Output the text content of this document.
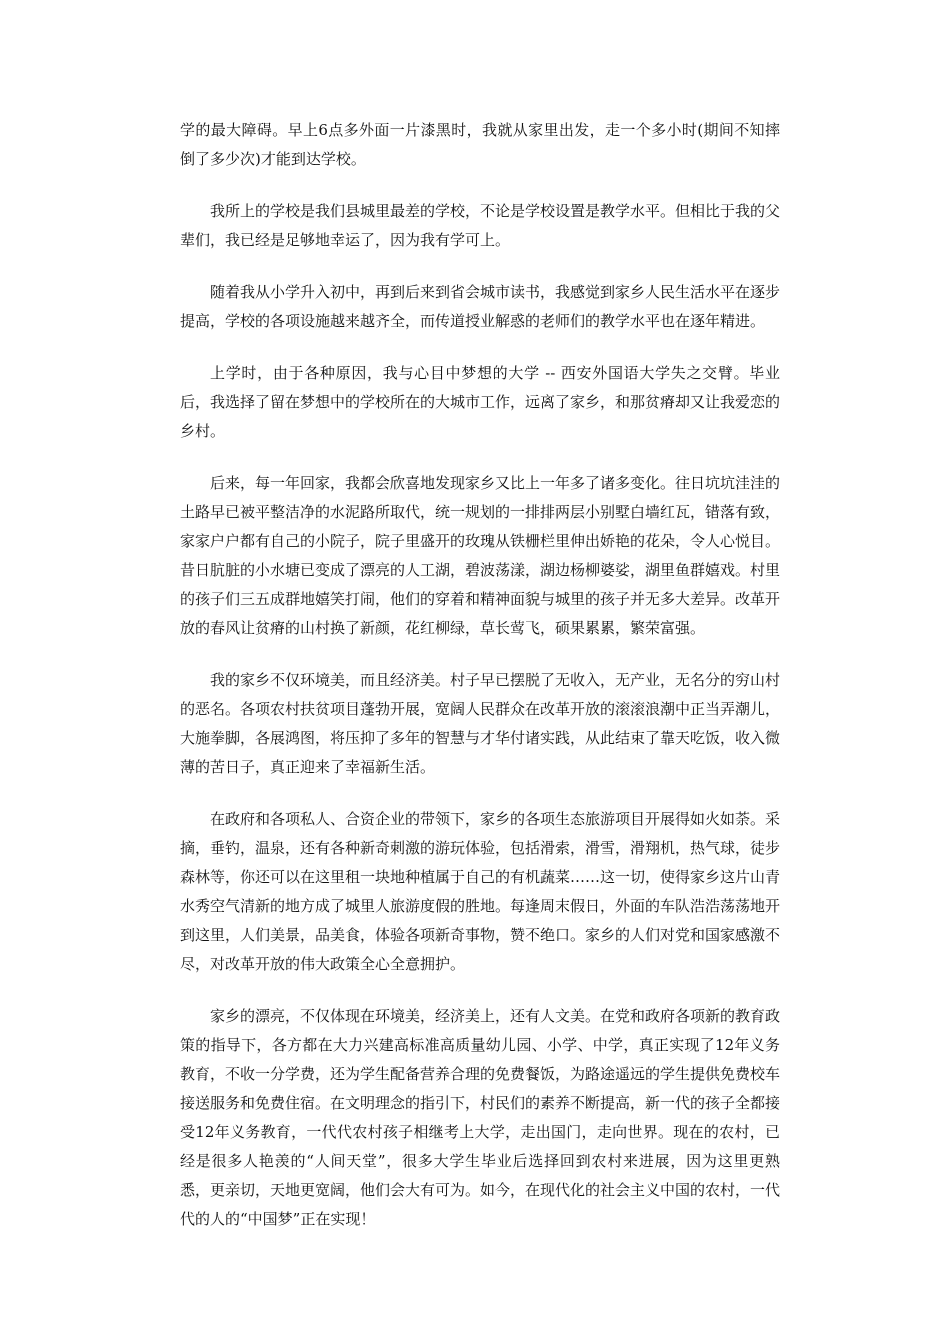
学的最大障碍。早上6点多外面一片漆黑时，我就从家里出发，走一个多小时(期间不知摔倒了多少次)才能到达学校。

我所上的学校是我们县城里最差的学校，不论是学校设置是教学水平。但相比于我的父辈们，我已经是足够地幸运了，因为我有学可上。

随着我从小学升入初中，再到后来到省会城市读书，我感觉到家乡人民生活水平在逐步提高，学校的各项设施越来越齐全，而传道授业解惑的老师们的教学水平也在逐年精进。

上学时，由于各种原因，我与心目中梦想的大学 -- 西安外国语大学失之交臂。毕业后，我选择了留在梦想中的学校所在的大城市工作，远离了家乡，和那贫瘠却又让我爱恋的乡村。

后来，每一年回家，我都会欣喜地发现家乡又比上一年多了诸多变化。往日坑坑洼洼的土路早已被平整洁净的水泥路所取代，统一规划的一排排两层小别墅白墙红瓦，错落有致，家家户户都有自己的小院子，院子里盛开的玫瑰从铁栅栏里伸出娇艳的花朵，令人心悦目。昔日肮脏的小水塘已变成了漂亮的人工湖，碧波荡漾，湖边杨柳婆娑，湖里鱼群嬉戏。村里的孩子们三五成群地嬉笑打闹，他们的穿着和精神面貌与城里的孩子并无多大差异。改革开放的春风让贫瘠的山村换了新颜，花红柳绿，草长莺飞，硕果累累，繁荣富强。

我的家乡不仅环境美，而且经济美。村子早已摆脱了无收入，无产业，无名分的穷山村的恶名。各项农村扶贫项目蓬勃开展，宽阔人民群众在改革开放的滚滚浪潮中正当弄潮儿，大施拳脚，各展鸿图，将压抑了多年的智慧与才华付诸实践，从此结束了靠天吃饭，收入微薄的苦日子，真正迎来了幸福新生活。

在政府和各项私人、合资企业的带领下，家乡的各项生态旅游项目开展得如火如荼。采摘，垂钓，温泉，还有各种新奇刺激的游玩体验，包括滑索，滑雪，滑翔机，热气球，徒步森林等，你还可以在这里租一块地种植属于自己的有机蔬菜……这一切，使得家乡这片山青水秀空气清新的地方成了城里人旅游度假的胜地。每逢周末假日，外面的车队浩浩荡荡地开到这里，人们美景，品美食，体验各项新奇事物，赞不绝口。家乡的人们对党和国家感激不尽，对改革开放的伟大政策全心全意拥护。

家乡的漂亮，不仅体现在环境美，经济美上，还有人文美。在党和政府各项新的教育政策的指导下，各方都在大力兴建高标准高质量幼儿园、小学、中学，真正实现了12年义务教育，不收一分学费，还为学生配备营养合理的免费餐饭，为路途遥远的学生提供免费校车接送服务和免费住宿。在文明理念的指引下，村民们的素养不断提高，新一代的孩子全都接受12年义务教育，一代代农村孩子相继考上大学，走出国门，走向世界。现在的农村，已经是很多人艳羡的“人间天堂”，很多大学生毕业后选择回到农村来进展，因为这里更熟悉，更亲切，天地更宽阔，他们会大有可为。如今，在现代化的社会主义中国的农村，一代代的人的“中国梦”正在实现！
